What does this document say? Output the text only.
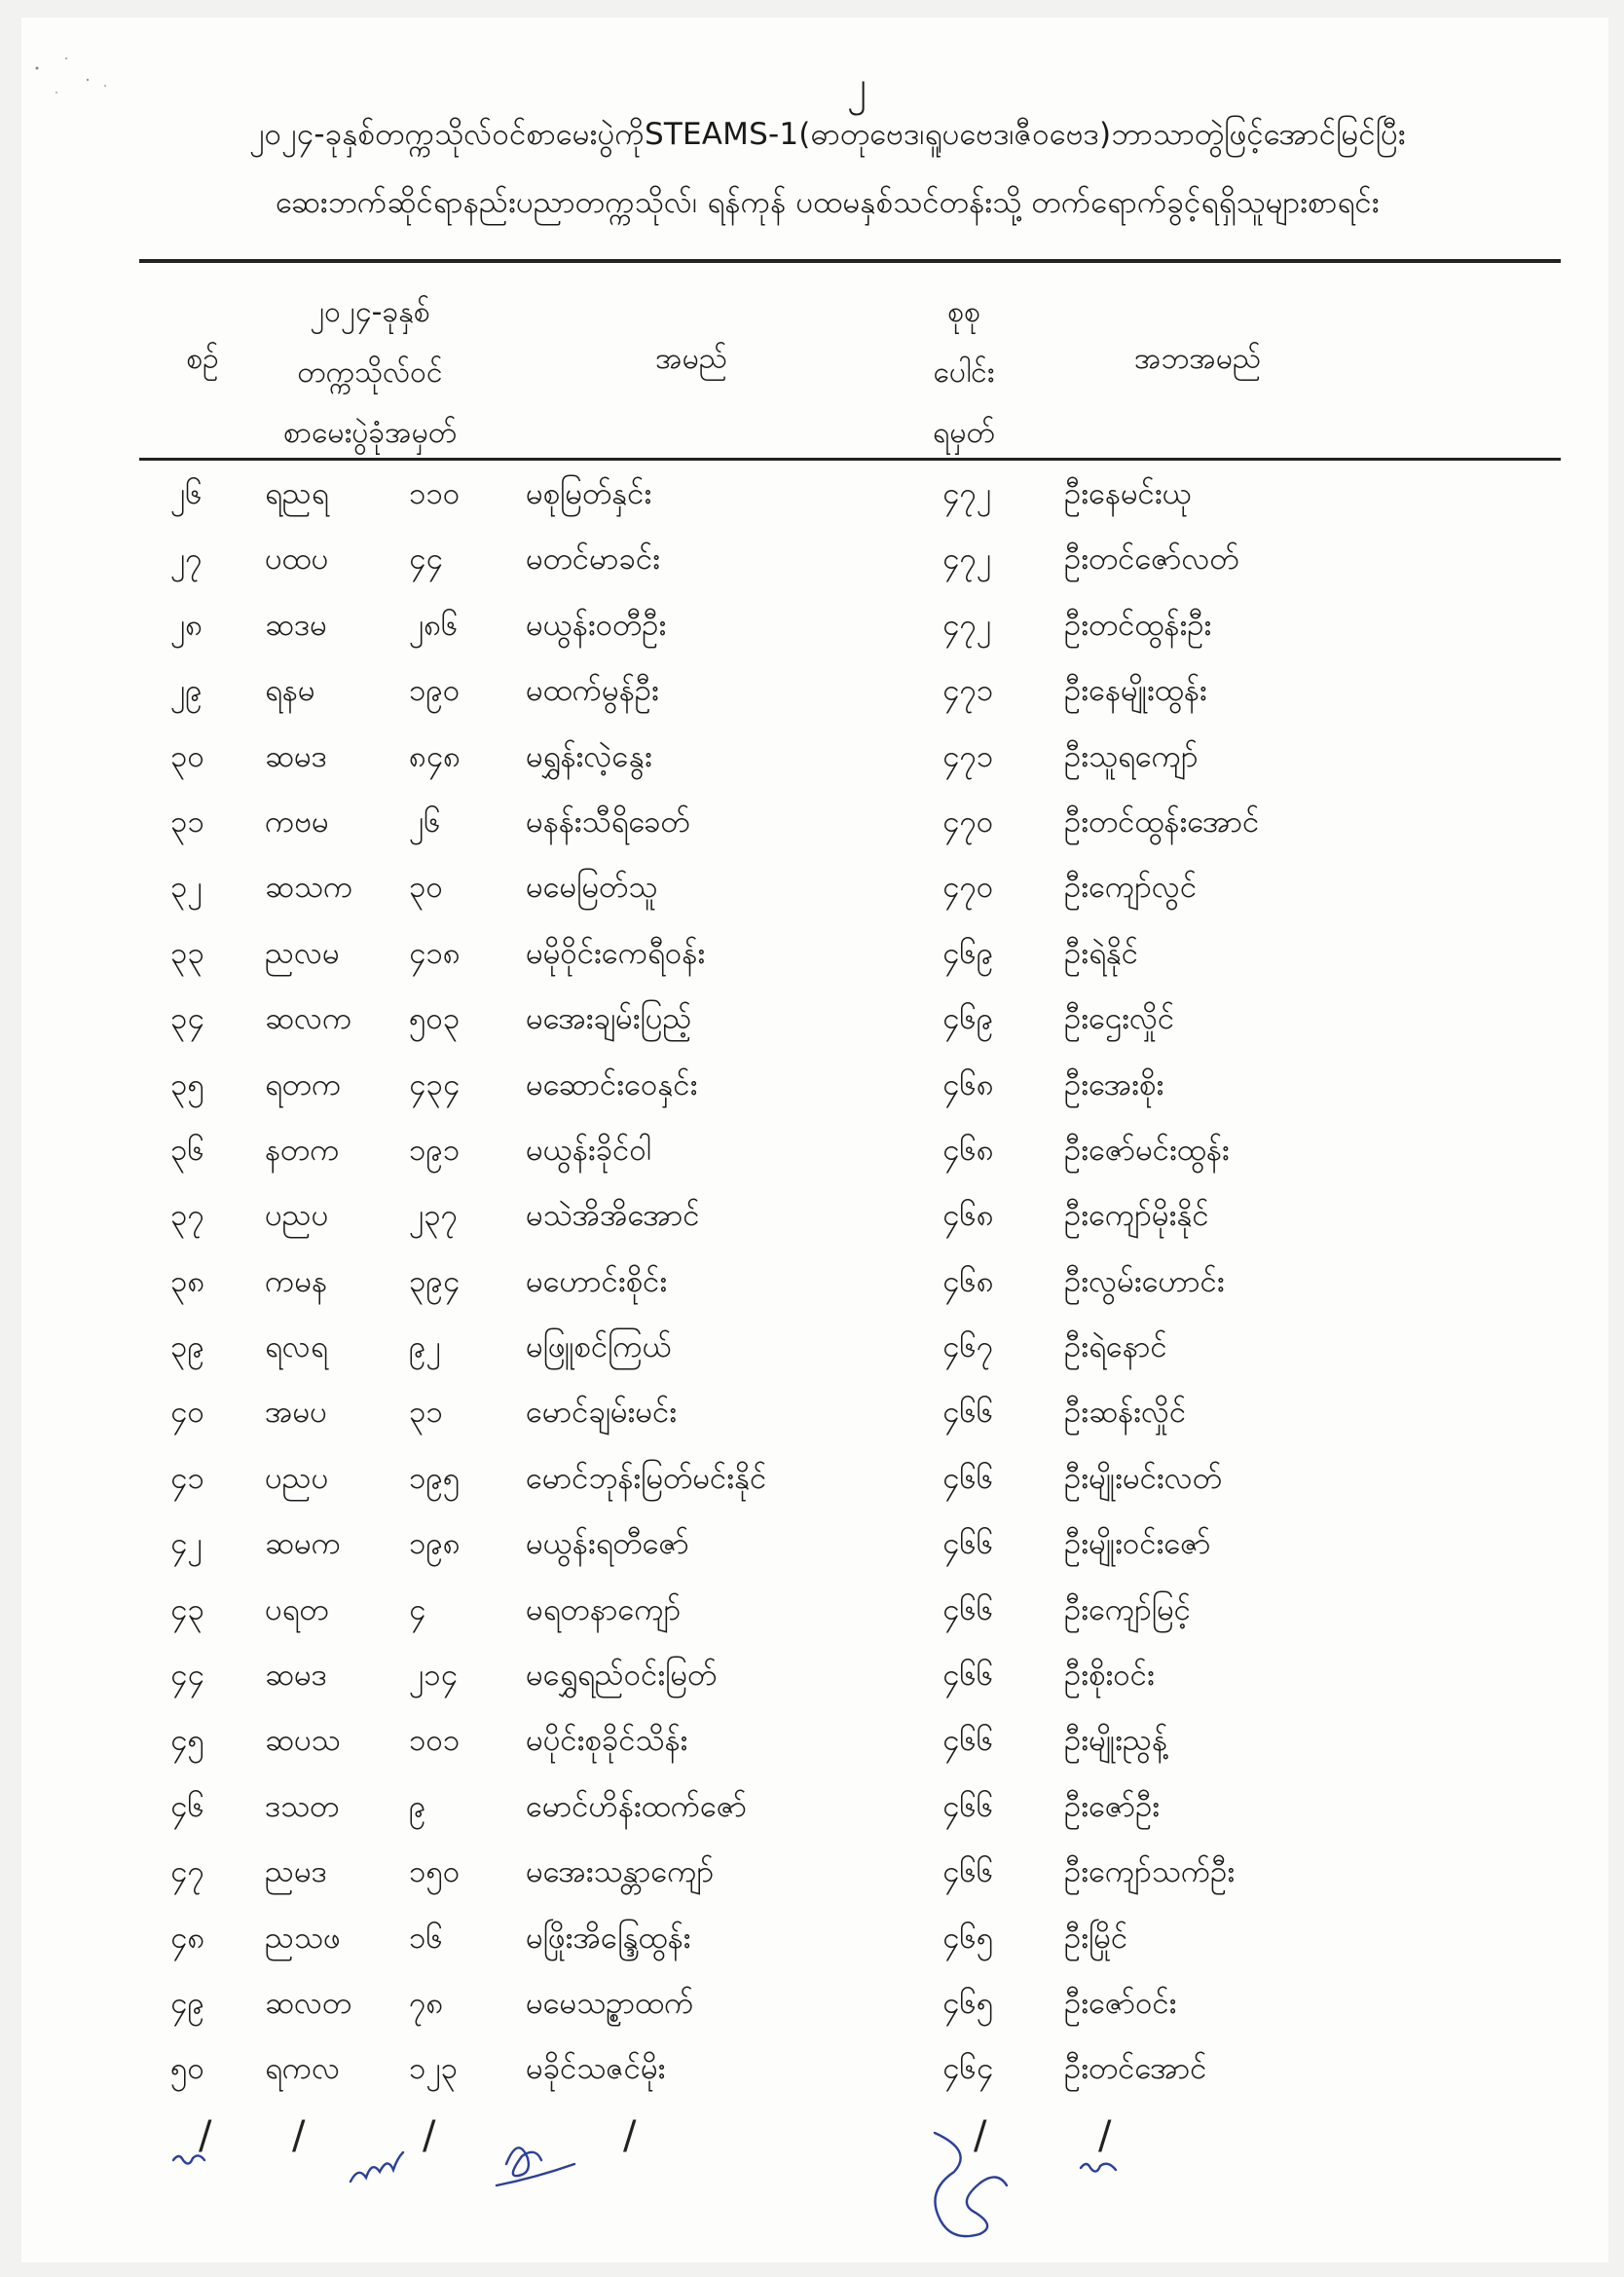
၂
၂၀၂၄-ခုနှစ်တက္ကသိုလ်ဝင်စာမေးပွဲကိုSTEAMS-1(ဓာတုဗေဒ၊ရူပဗေဒ၊ဇီဝဗေဒ)ဘာသာတွဲဖြင့်အောင်မြင်ပြီး
ဆေးဘက်ဆိုင်ရာနည်းပညာတက္ကသိုလ်၊ ရန်ကုန် ပထမနှစ်သင်တန်းသို့ တက်ရောက်ခွင့်ရရှိသူများစာရင်း
စဉ်
၂၀၂၄-ခုနှစ်
တက္ကသိုလ်ဝင်
စာမေးပွဲခုံအမှတ်
အမည်
စုစု
ပေါင်း
ရမှတ်
အဘအမည်
၂၆ ရညရ	၁၁၀ မစုမြတ်နှင်း	၄၇၂ ဦးနေမင်းယု
၂၇ ပထပ	၄၄	မတင်မာခင်း	၄၇၂ ဦးတင်ဇော်လတ်
၂၈ ဆဒမ	၂၈၆ မယွန်းဝတီဦး	၄၇၂ ဦးတင်ထွန်းဦး
၂၉ ရနမ	၁၉၀ မထက်မွန်ဦး	၄၇၁ ဦးနေမျိုးထွန်း
၃၀ ဆမဒ	၈၄၈ မရွှန်းလဲ့နွေး	၄၇၁ ဦးသူရကျော်
၃၁ ကဗမ	၂၆	မနန်းသီရိခေတ်	၄၇၀ ဦးတင်ထွန်းအောင်
၃၂ ဆသက ၃၀	မမေမြတ်သူ	၄၇၀ ဦးကျော်လွင်
၃၃ ညလမ ၄၁၈ မမိုဝိုင်းကေရီဝန်း	၄၆၉ ဦးရဲနိုင်
၃၄ ဆလက ၅၀၃ မအေးချမ်းပြည့်	၄၆၉ ဦးဌေးလှိုင်
၃၅ ရတက ၄၃၄ မဆောင်းဝေနှင်း	၄၆၈ ဦးအေးစိုး
၃၆ နတက ၁၉၁ မယွန်းခိုင်ဝါ	၄၆၈ ဦးဇော်မင်းထွန်း
၃၇ ပညပ	၂၃၇ မသဲအိအိအောင်	၄၆၈ ဦးကျော်မိုးနိုင်
၃၈ ကမန	၃၉၄ မဟောင်းစိုင်း	၄၆၈ ဦးလွမ်းဟောင်း
၃၉ ရလရ	၉၂	မဖြူစင်ကြယ်	၄၆၇ ဦးရဲနောင်
၄၀ အမပ	၃၁	မောင်ချမ်းမင်း	၄၆၆ ဦးဆန်းလှိုင်
၄၁ ပညပ	၁၉၅ မောင်ဘုန်းမြတ်မင်းနိုင်	၄၆၆ ဦးမျိုးမင်းလတ်
၄၂ ဆမက ၁၉၈ မယွန်းရတီဇော်	၄၆၆ ဦးမျိုးဝင်းဇော်
၄၃ ပရတ	၄	မရတနာကျော်	၄၆၆ ဦးကျော်မြင့်
၄၄ ဆမဒ	၂၁၄ မရွှေရည်ဝင်းမြတ်	၄၆၆ ဦးစိုးဝင်း
၄၅ ဆပသ ၁၀၁ မပိုင်းစုခိုင်သိန်း	၄၆၆ ဦးမျိုးညွန့်
၄၆ ဒသတ ၉	မောင်ဟိန်းထက်ဇော်	၄၆၆ ဦးဇော်ဦး
၄၇ ညမဒ	၁၅၀ မအေးသန္တာကျော်	၄၆၆ ဦးကျော်သက်ဦး
၄၈ ညသဖ ၁၆	မဖြိုးအိန္ဒြေထွန်း	၄၆၅ ဦးမြိုင်
၄၉ ဆလတ ၇၈	မမေသဥ္စာထက်	၄၆၅ ဦးဇော်ဝင်း
၅၀ ရကလ ၁၂၃ မခိုင်သဇင်မိုး	၄၆၄ ဦးတင်အောင်
/ /	/	/	/	/
